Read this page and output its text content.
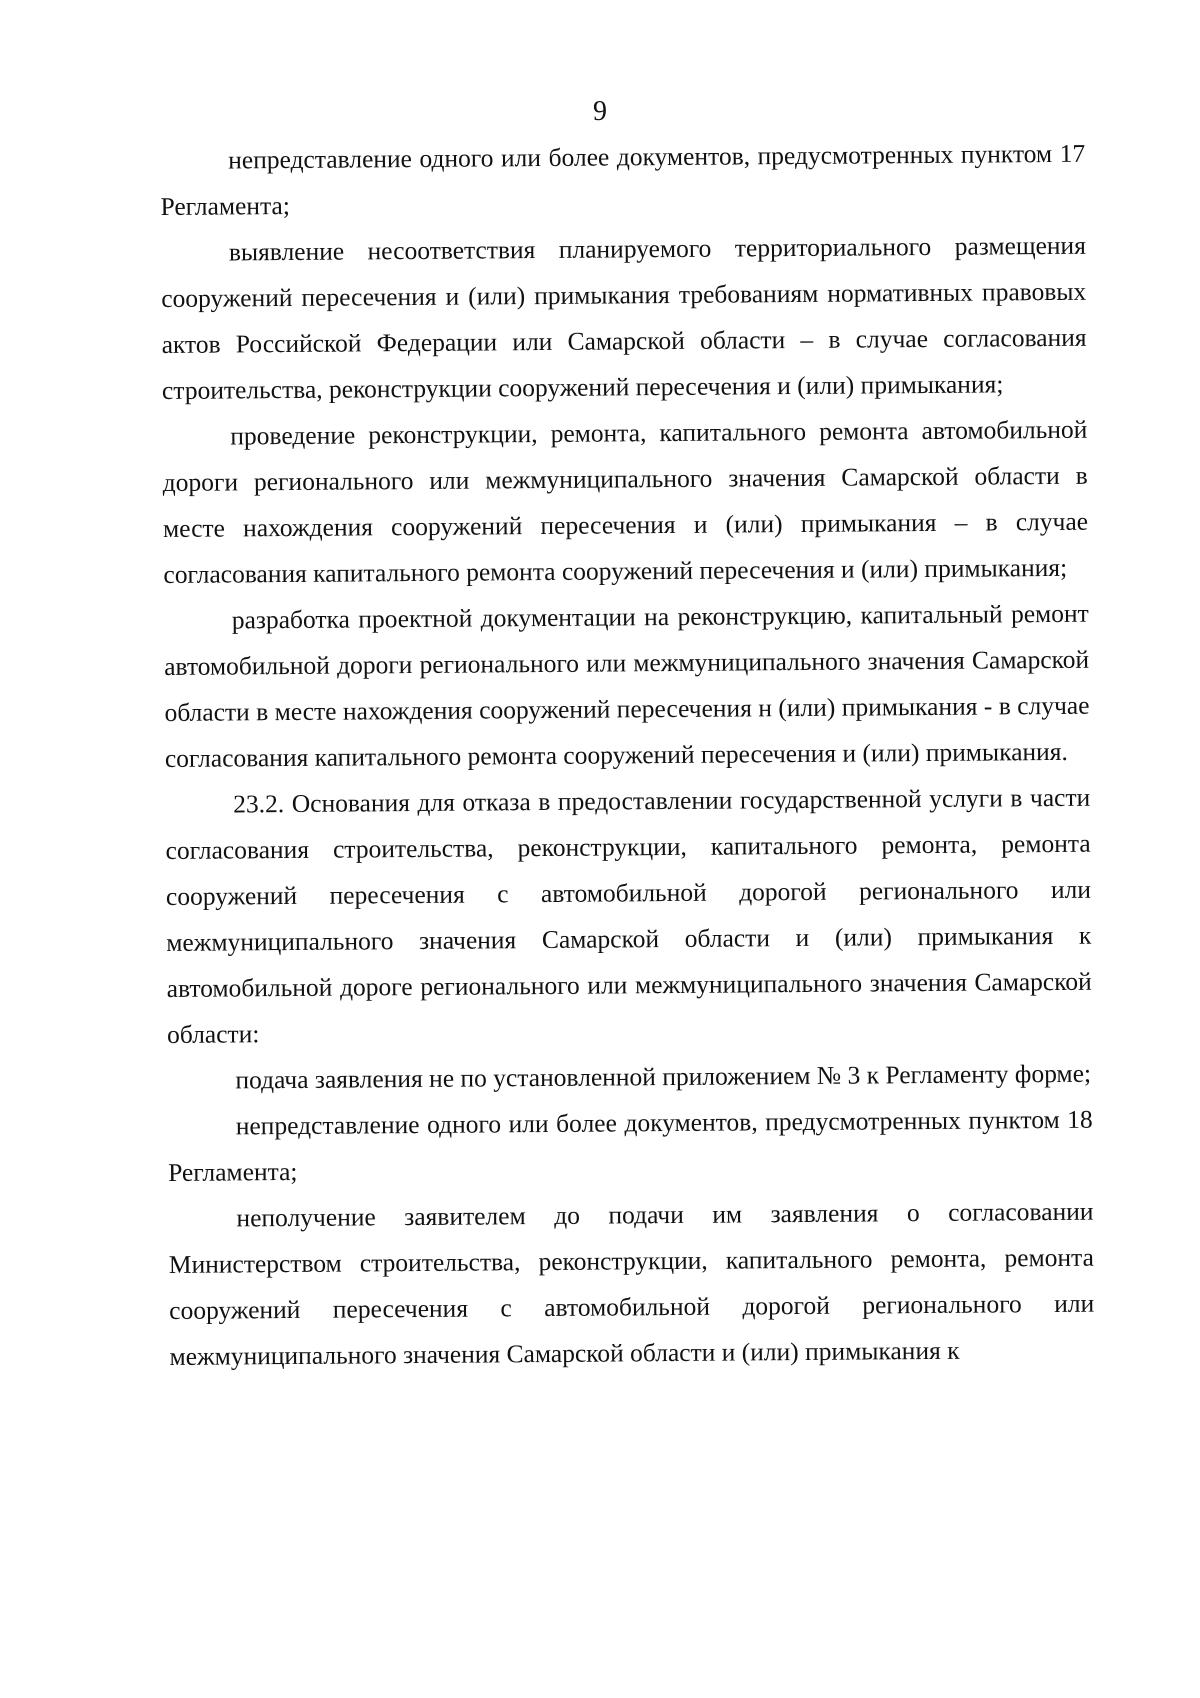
9

непредставление одного или более документов, предусмотренных пунктом 17 Регламента;

выявление несоответствия планируемого территориального размещения сооружений пересечения и (или) примыкания требованиям нормативных правовых актов Российской Федерации или Самарской области – в случае согласования строительства, реконструкции сооружений пересечения и (или) примыкания;

проведение реконструкции, ремонта, капитального ремонта автомобильной дороги регионального или межмуниципального значения Самарской области в месте нахождения сооружений пересечения и (или) примыкания – в случае согласования капитального ремонта сооружений пересечения и (или) примыкания;

разработка проектной документации на реконструкцию, капитальный ремонт автомобильной дороги регионального или межмуниципального значения Самарской области в месте нахождения сооружений пересечения н (или) примыкания - в случае согласования капитального ремонта сооружений пересечения и (или) примыкания.

23.2. Основания для отказа в предоставлении государственной услуги в части согласования строительства, реконструкции, капитального ремонта, ремонта сооружений пересечения с автомобильной дорогой регионального или межмуниципального значения Самарской области и (или) примыкания к автомобильной дороге регионального или межмуниципального значения Самарской области:

подача заявления не по установленной приложением № 3 к Регламенту форме;

непредставление одного или более документов, предусмотренных пунктом 18 Регламента;

неполучение заявителем до подачи им заявления о согласовании Министерством строительства, реконструкции, капитального ремонта, ремонта сооружений пересечения с автомобильной дорогой регионального или межмуниципального значения Самарской области и (или) примыкания к
